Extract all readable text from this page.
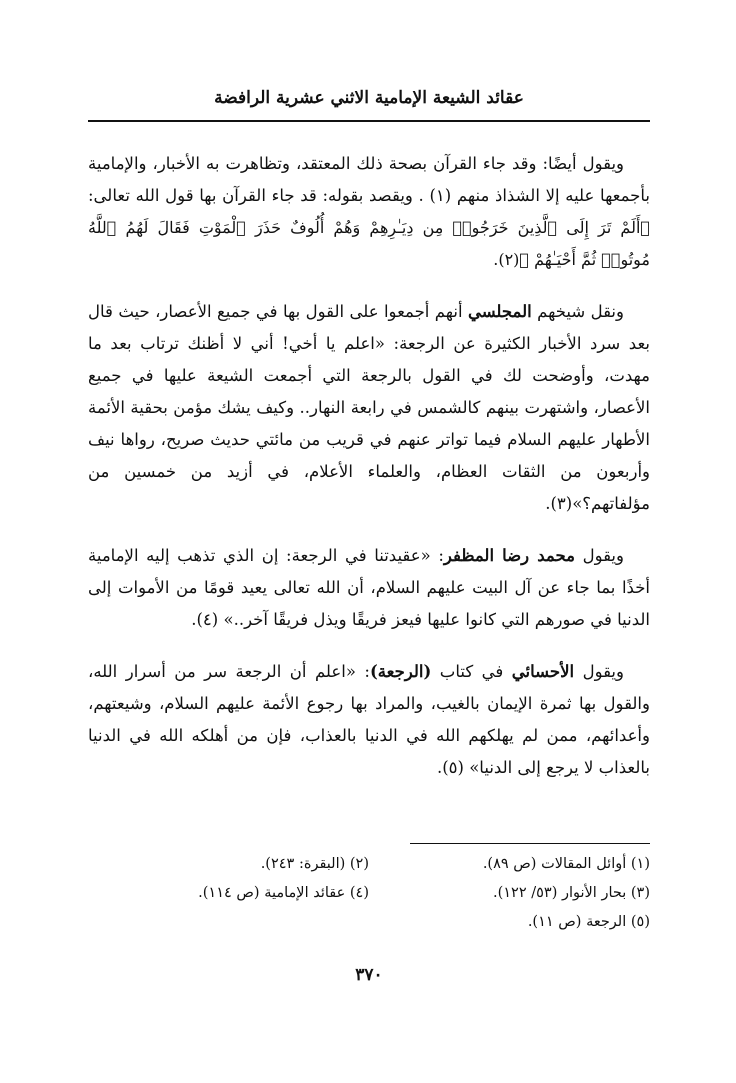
عقائد الشيعة الإمامية الاثني عشرية الرافضة

ويقول أيضًا: وقد جاء القرآن بصحة ذلك المعتقد، وتظاهرت به الأخبار، والإمامية بأجمعها عليه إلا الشذاذ منهم (١) . ويقصد بقوله: قد جاء القرآن بها قول الله تعالى: ﴿أَلَمْ تَرَ إِلَى ٱلَّذِينَ خَرَجُوا۟ مِن دِيَـٰرِهِمْ وَهُمْ أُلُوفٌ حَذَرَ ٱلْمَوْتِ فَقَالَ لَهُمُ ٱللَّهُ مُوتُوا۟ ثُمَّ أَحْيَـٰهُمْ ﴾(٢).

ونقل شيخهم المجلسي أنهم أجمعوا على القول بها في جميع الأعصار، حيث قال بعد سرد الأخبار الكثيرة عن الرجعة: «اعلم يا أخي! أني لا أظنك ترتاب بعد ما مهدت، وأوضحت لك في القول بالرجعة التي أجمعت الشيعة عليها في جميع الأعصار، واشتهرت بينهم كالشمس في رابعة النهار.. وكيف يشك مؤمن بحقية الأئمة الأطهار عليهم السلام فيما تواتر عنهم في قريب من مائتي حديث صريح، رواها نيف وأربعون من الثقات العظام، والعلماء الأعلام، في أزيد من خمسين من مؤلفاتهم؟»(٣).

ويقول محمد رضا المظفر: «عقيدتنا في الرجعة: إن الذي تذهب إليه الإمامية أخذًا بما جاء عن آل البيت عليهم السلام، أن الله تعالى يعيد قومًا من الأموات إلى الدنيا في صورهم التي كانوا عليها فيعز فريقًا ويذل فريقًا آخر..» (٤).

ويقول الأحسائي في كتاب (الرجعة): «اعلم أن الرجعة سر من أسرار الله، والقول بها ثمرة الإيمان بالغيب، والمراد بها رجوع الأئمة عليهم السلام، وشيعتهم، وأعدائهم، ممن لم يهلكهم الله في الدنيا بالعذاب، فإن من أهلكه الله في الدنيا بالعذاب لا يرجع إلى الدنيا» (٥).

(١) أوائل المقالات (ص ٨٩).
(٢) (البقرة: ٢٤٣).
(٣) بحار الأنوار (٥٣/ ١٢٢).
(٤) عقائد الإمامية (ص ١١٤).
(٥) الرجعة (ص ١١).
٣٧٠
